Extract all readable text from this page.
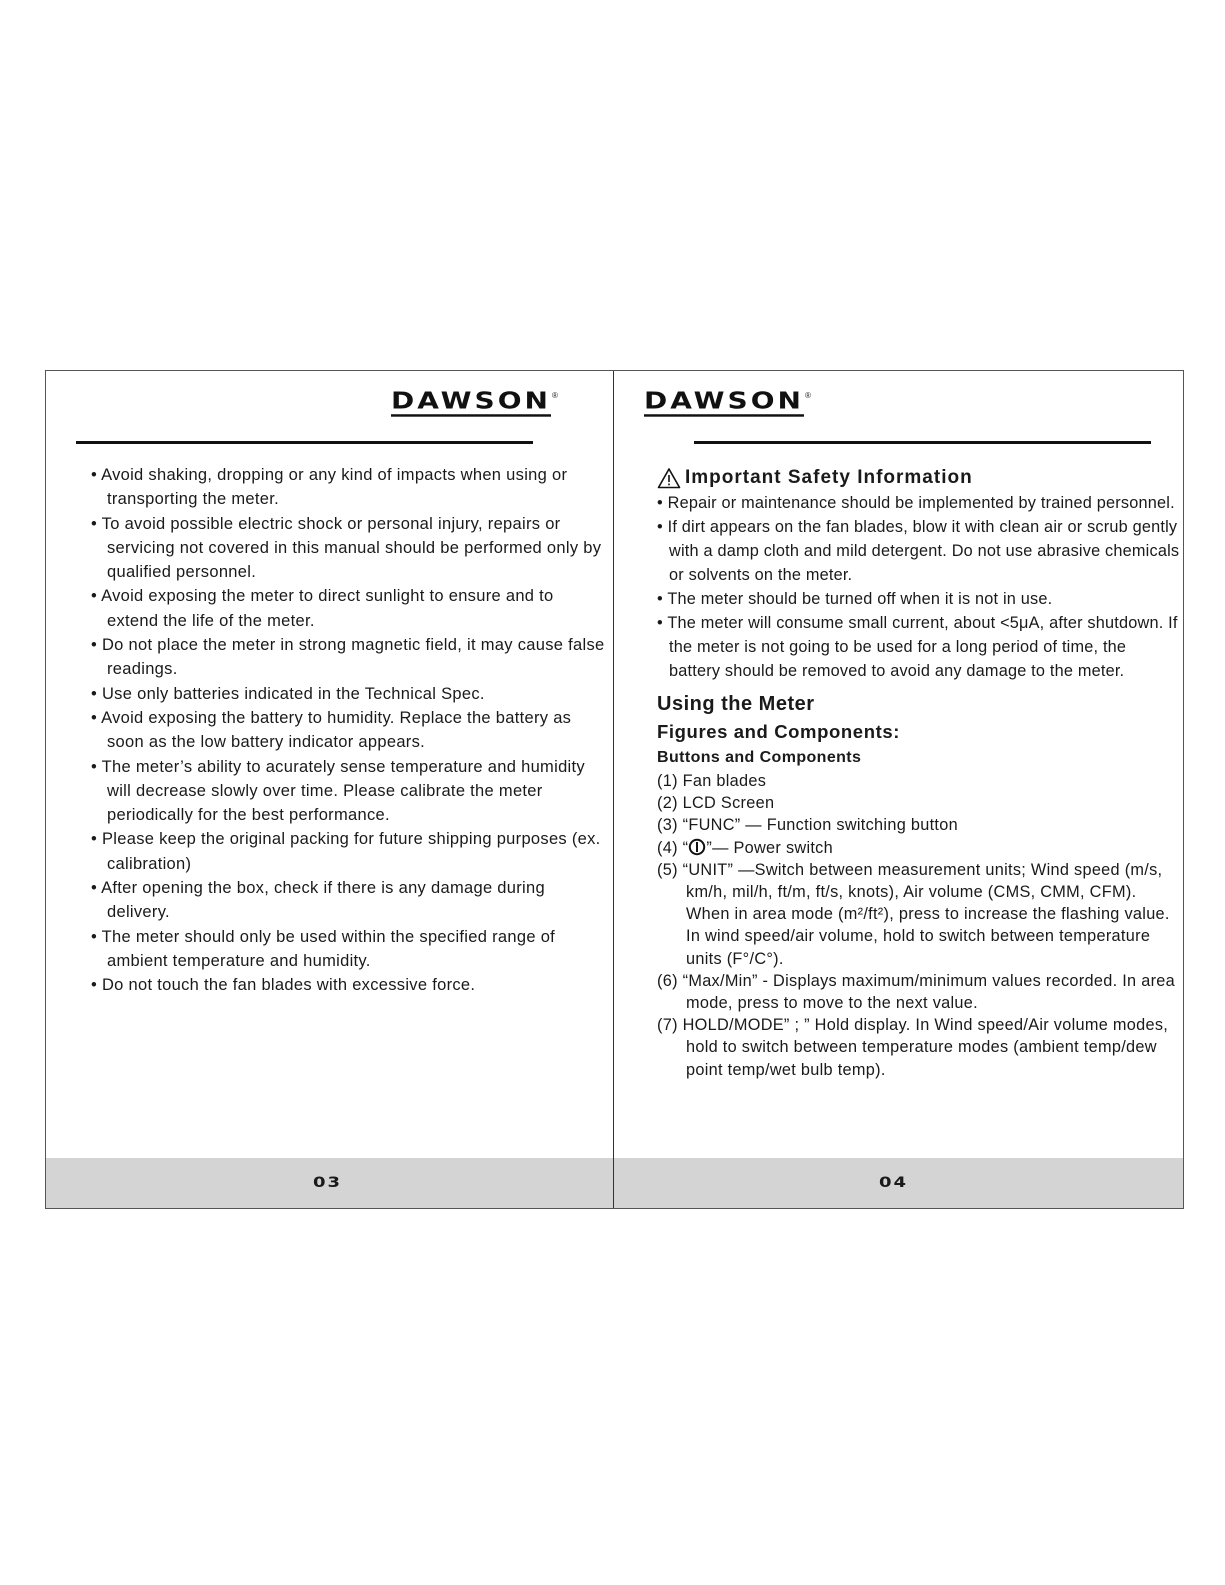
DAWSON ®
• Avoid shaking, dropping or any kind of impacts when using or transporting the meter.
• To avoid possible electric shock or personal injury, repairs or servicing not covered in this manual should be performed only by qualified personnel.
• Avoid exposing the meter to direct sunlight to ensure and to extend the life of the meter.
• Do not place the meter in strong magnetic field, it may cause false readings.
• Use only batteries indicated in the Technical Spec.
• Avoid exposing the battery to humidity. Replace the battery as soon as the low battery indicator appears.
• The meter’s ability to acurately sense temperature and humidity will decrease slowly over time. Please calibrate the meter periodically for the best performance.
• Please keep the original packing for future shipping purposes (ex. calibration)
• After opening the box, check if there is any damage during delivery.
• The meter should only be used within the specified range of ambient temperature and humidity.
• Do not touch the fan blades with excessive force.
03
DAWSON ®
Important Safety Information
• Repair or maintenance should be implemented by trained personnel.
• If dirt appears on the fan blades, blow it with clean air or scrub gently with a damp cloth and mild detergent. Do not use abrasive chemicals or solvents on the meter.
• The meter should be turned off when it is not in use.
• The meter will consume small current, about <5μA, after shutdown. If the meter is not going to be used for a long period of time, the battery should be removed to avoid any damage to the meter.
Using the Meter
Figures and Components:
Buttons and Components
(1) Fan blades
(2) LCD Screen
(3) “FUNC” — Function switching button
(4) “ ”— Power switch
(5) “UNIT” —Switch between measurement units; Wind speed (m/s, km/h, mil/h, ft/m, ft/s, knots), Air volume (CMS, CMM, CFM). When in area mode (m²/ft²), press to increase the flashing value. In wind speed/air volume, hold to switch between temperature units (F°/C°).
(6) “Max/Min” - Displays maximum/minimum values recorded. In area mode, press to move to the next value.
(7) HOLD/MODE” ; ” Hold display. In Wind speed/Air volume modes, hold to switch between temperature modes (ambient temp/dew point temp/wet bulb temp).
04
